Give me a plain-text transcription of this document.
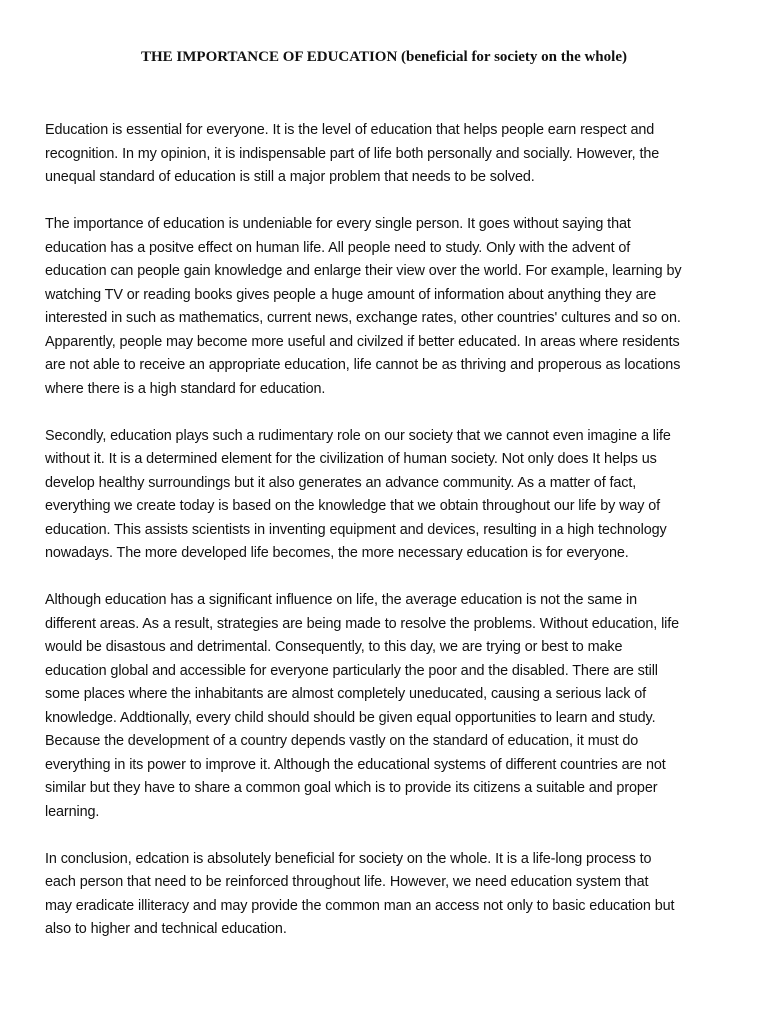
THE IMPORTANCE OF EDUCATION (beneficial for society on the whole)

Education is essential for everyone. It is the level of education that helps people earn respect and
recognition. In my opinion, it is indispensable part of life both personally and socially. However, the
unequal standard of education is still a major problem that needs to be solved.

The importance of education is undeniable for every single person. It goes without saying that
education has a positve effect on human life. All people need to study. Only with the advent of
education can people gain knowledge and enlarge their view over the world. For example, learning by
watching TV or reading books gives people a huge amount of information about anything they are
interested in such as mathematics, current news, exchange rates, other countries' cultures and so on.
Apparently, people may become more useful and civilzed if better educated. In areas where residents
are not able to receive an appropriate education, life cannot be as thriving and properous as locations
where there is a high standard for education.

Secondly, education plays such a rudimentary role on our society that we cannot even imagine a life
without it. It is a determined element for the civilization of human society. Not only does It helps us
develop healthy surroundings but it also generates an advance community. As a matter of fact,
everything we create today is based on the knowledge that we obtain throughout our life by way of
education. This assists scientists in inventing equipment and devices, resulting in a high technology
nowadays. The more developed life becomes, the more necessary education is for everyone.

Although education has a significant influence on life, the average education is not the same in
different areas. As a result, strategies are being made to resolve the problems. Without education, life
would be disastous and detrimental. Consequently, to this day, we are trying or best to make
education global and accessible for everyone particularly the poor and the disabled. There are still
some places where the inhabitants are almost completely uneducated, causing a serious lack of
knowledge. Addtionally, every child should should be given equal opportunities to learn and study.
Because the development of a country depends vastly on the standard of education, it must do
everything in its power to improve it. Although the educational systems of different countries are not
similar but they have to share a common goal which is to provide its citizens a suitable and proper
learning.

In conclusion, edcation is absolutely beneficial for society on the whole. It is a life-long process to
each person that need to be reinforced throughout life. However, we need education system that
may eradicate illiteracy and may provide the common man an access not only to basic education but
also to higher and technical education.
